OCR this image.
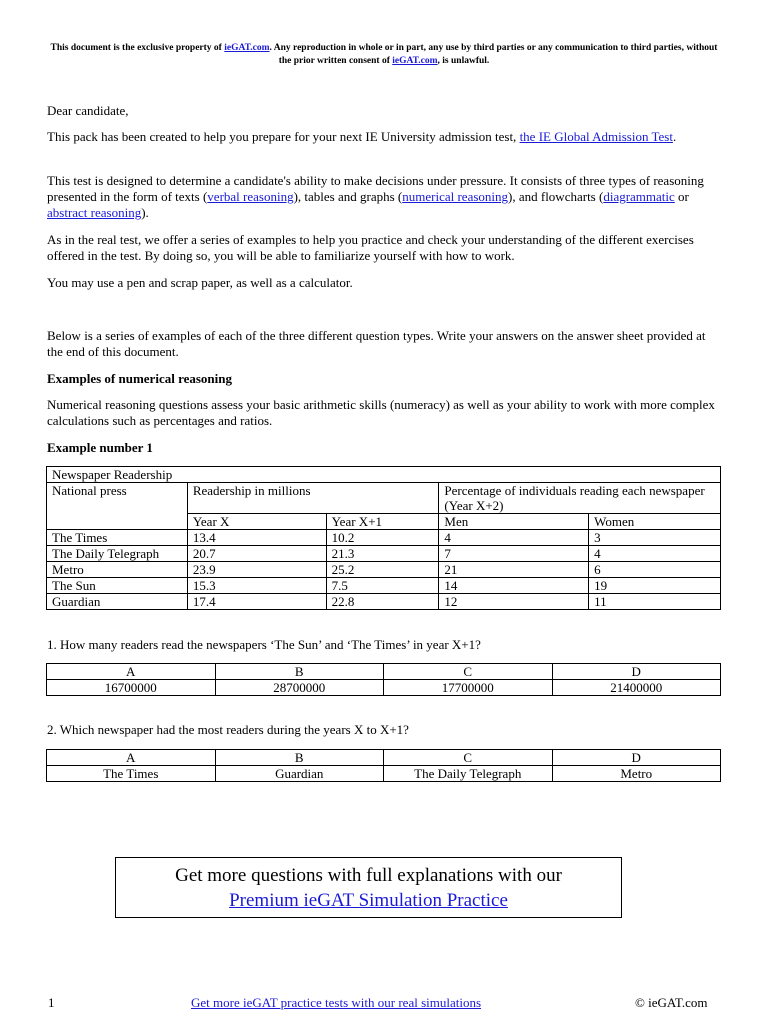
This document is the exclusive property of ieGAT.com. Any reproduction in whole or in part, any use by third parties or any communication to third parties, without the prior written consent of ieGAT.com, is unlawful.

Dear candidate,

This pack has been created to help you prepare for your next IE University admission test, the IE Global Admission Test.

This test is designed to determine a candidate's ability to make decisions under pressure. It consists of three types of reasoning presented in the form of texts (verbal reasoning), tables and graphs (numerical reasoning), and flowcharts (diagrammatic or abstract reasoning).

As in the real test, we offer a series of examples to help you practice and check your understanding of the different exercises offered in the test. By doing so, you will be able to familiarize yourself with how to work.

You may use a pen and scrap paper, as well as a calculator.

Below is a series of examples of each of the three different question types. Write your answers on the answer sheet provided at the end of this document.

Examples of numerical reasoning

Numerical reasoning questions assess your basic arithmetic skills (numeracy) as well as your ability to work with more complex calculations such as percentages and ratios.

Example number 1

Newspaper Readership				
National press	Readership in millions		Percentage of individuals reading each newspaper (Year X+2)	
	Year X	Year X+1	Men	Women
The Times	13.4	10.2	4	3
The Daily Telegraph	20.7	21.3	7	4
Metro	23.9	25.2	21	6
The Sun	15.3	7.5	14	19
Guardian	17.4	22.8	12	11

1. How many readers read the newspapers ‘The Sun’ and ‘The Times’ in year X+1?

A	B	C	D
16700000	28700000	17700000	21400000

2. Which newspaper had the most readers during the years X to X+1?

A	B	C	D
The Times	Guardian	The Daily Telegraph	Metro
Get more questions with full explanations with our
Premium ieGAT Simulation Practice
1	Get more ieGAT practice tests with our real simulations	© ieGAT.com
